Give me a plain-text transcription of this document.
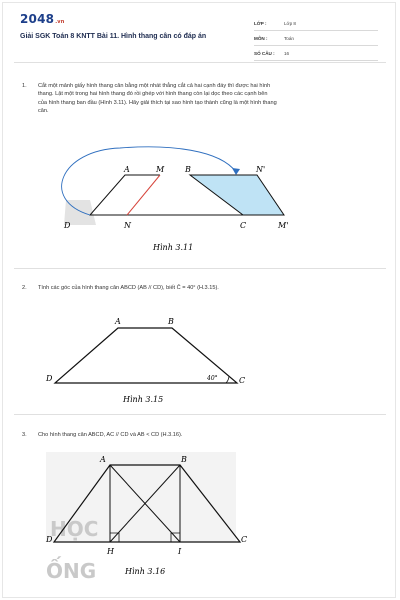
2048.vn
Giải SGK Toán 8 KNTT Bài 11. Hình thang cân có đáp án
LỚP :	Lớp 8
MÔN :	Toán
SỐ CÂU :	16
1. Cắt một mảnh giấy hình thang cân bằng một nhát thẳng cắt cả hai cạnh đáy thì được hai hình
thang. Lật một trong hai hình thang đó rồi ghép với hình thang còn lại dọc theo các cạnh bên
của hình thang ban đầu (Hình 3.11). Hãy giải thích tại sao hình tạo thành cũng là một hình thang
cân.
A	M	B	N'
D	N	C	M'
Hình 3.11
2. Tính các góc của hình thang cân ABCD (AB // CD), biết Ĉ = 40° (H.3.15).
40°
A	B
C
D
Hình 3.15
3. Cho hình thang cân ABCD, AC // CD và AB < CD (H.3.16).
HỌC
ỐNG
A	B
C
D
H	I
Hình 3.16
